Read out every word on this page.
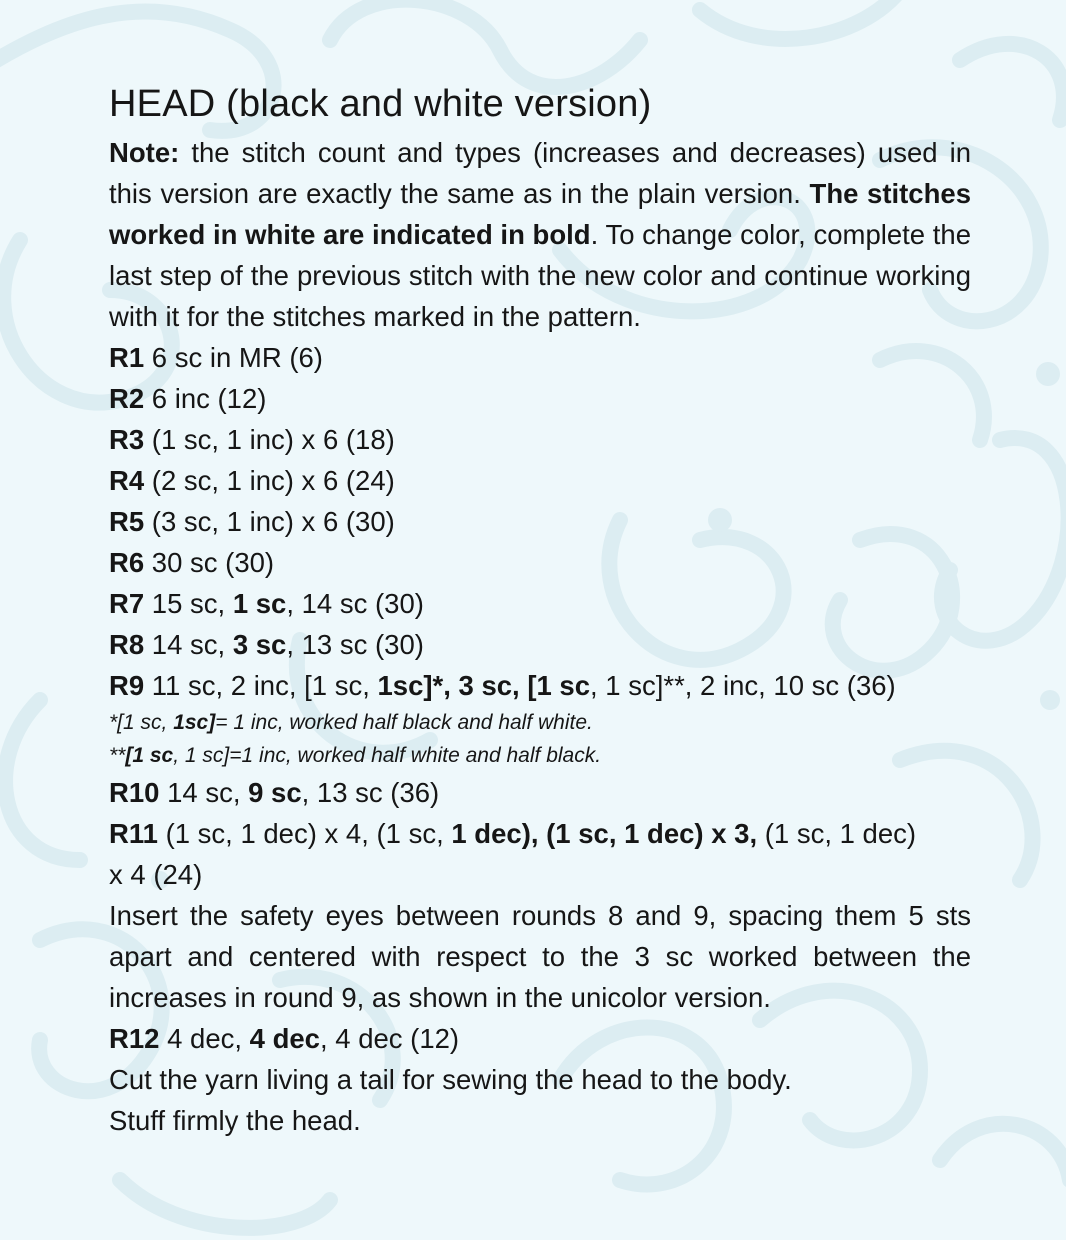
HEAD (black and white version)

Note: the stitch count and types (increases and decreases) used in this version are exactly the same as in the plain version. The stitches worked in white are indicated in bold. To change color, complete the last step of the previous stitch with the new color and continue working with it for the stitches marked in the pattern.

R1 6 sc in MR (6)

R2 6 inc (12)

R3 (1 sc, 1 inc) x 6 (18)

R4 (2 sc, 1 inc) x 6 (24)

R5 (3 sc, 1 inc) x 6 (30)

R6 30 sc (30)

R7 15 sc, 1 sc, 14 sc (30)

R8 14 sc, 3 sc, 13 sc (30)

R9 11 sc, 2 inc, [1 sc, 1sc]*, 3 sc, [1 sc, 1 sc]**, 2 inc, 10 sc (36)

*[1 sc, 1sc]= 1 inc, worked half black and half white.

**[1 sc, 1 sc]=1 inc, worked half white and half black.

R10 14 sc, 9 sc, 13 sc (36)

R11 (1 sc, 1 dec) x 4, (1 sc, 1 dec), (1 sc, 1 dec) x 3, (1 sc, 1 dec)

x 4 (24)

Insert the safety eyes between rounds 8 and 9, spacing them 5 sts apart and centered with respect to the 3 sc worked between the increases in round 9, as shown in the unicolor version.

R12 4 dec, 4 dec, 4 dec (12)

Cut the yarn living a tail for sewing the head to the body.

Stuff firmly the head.
